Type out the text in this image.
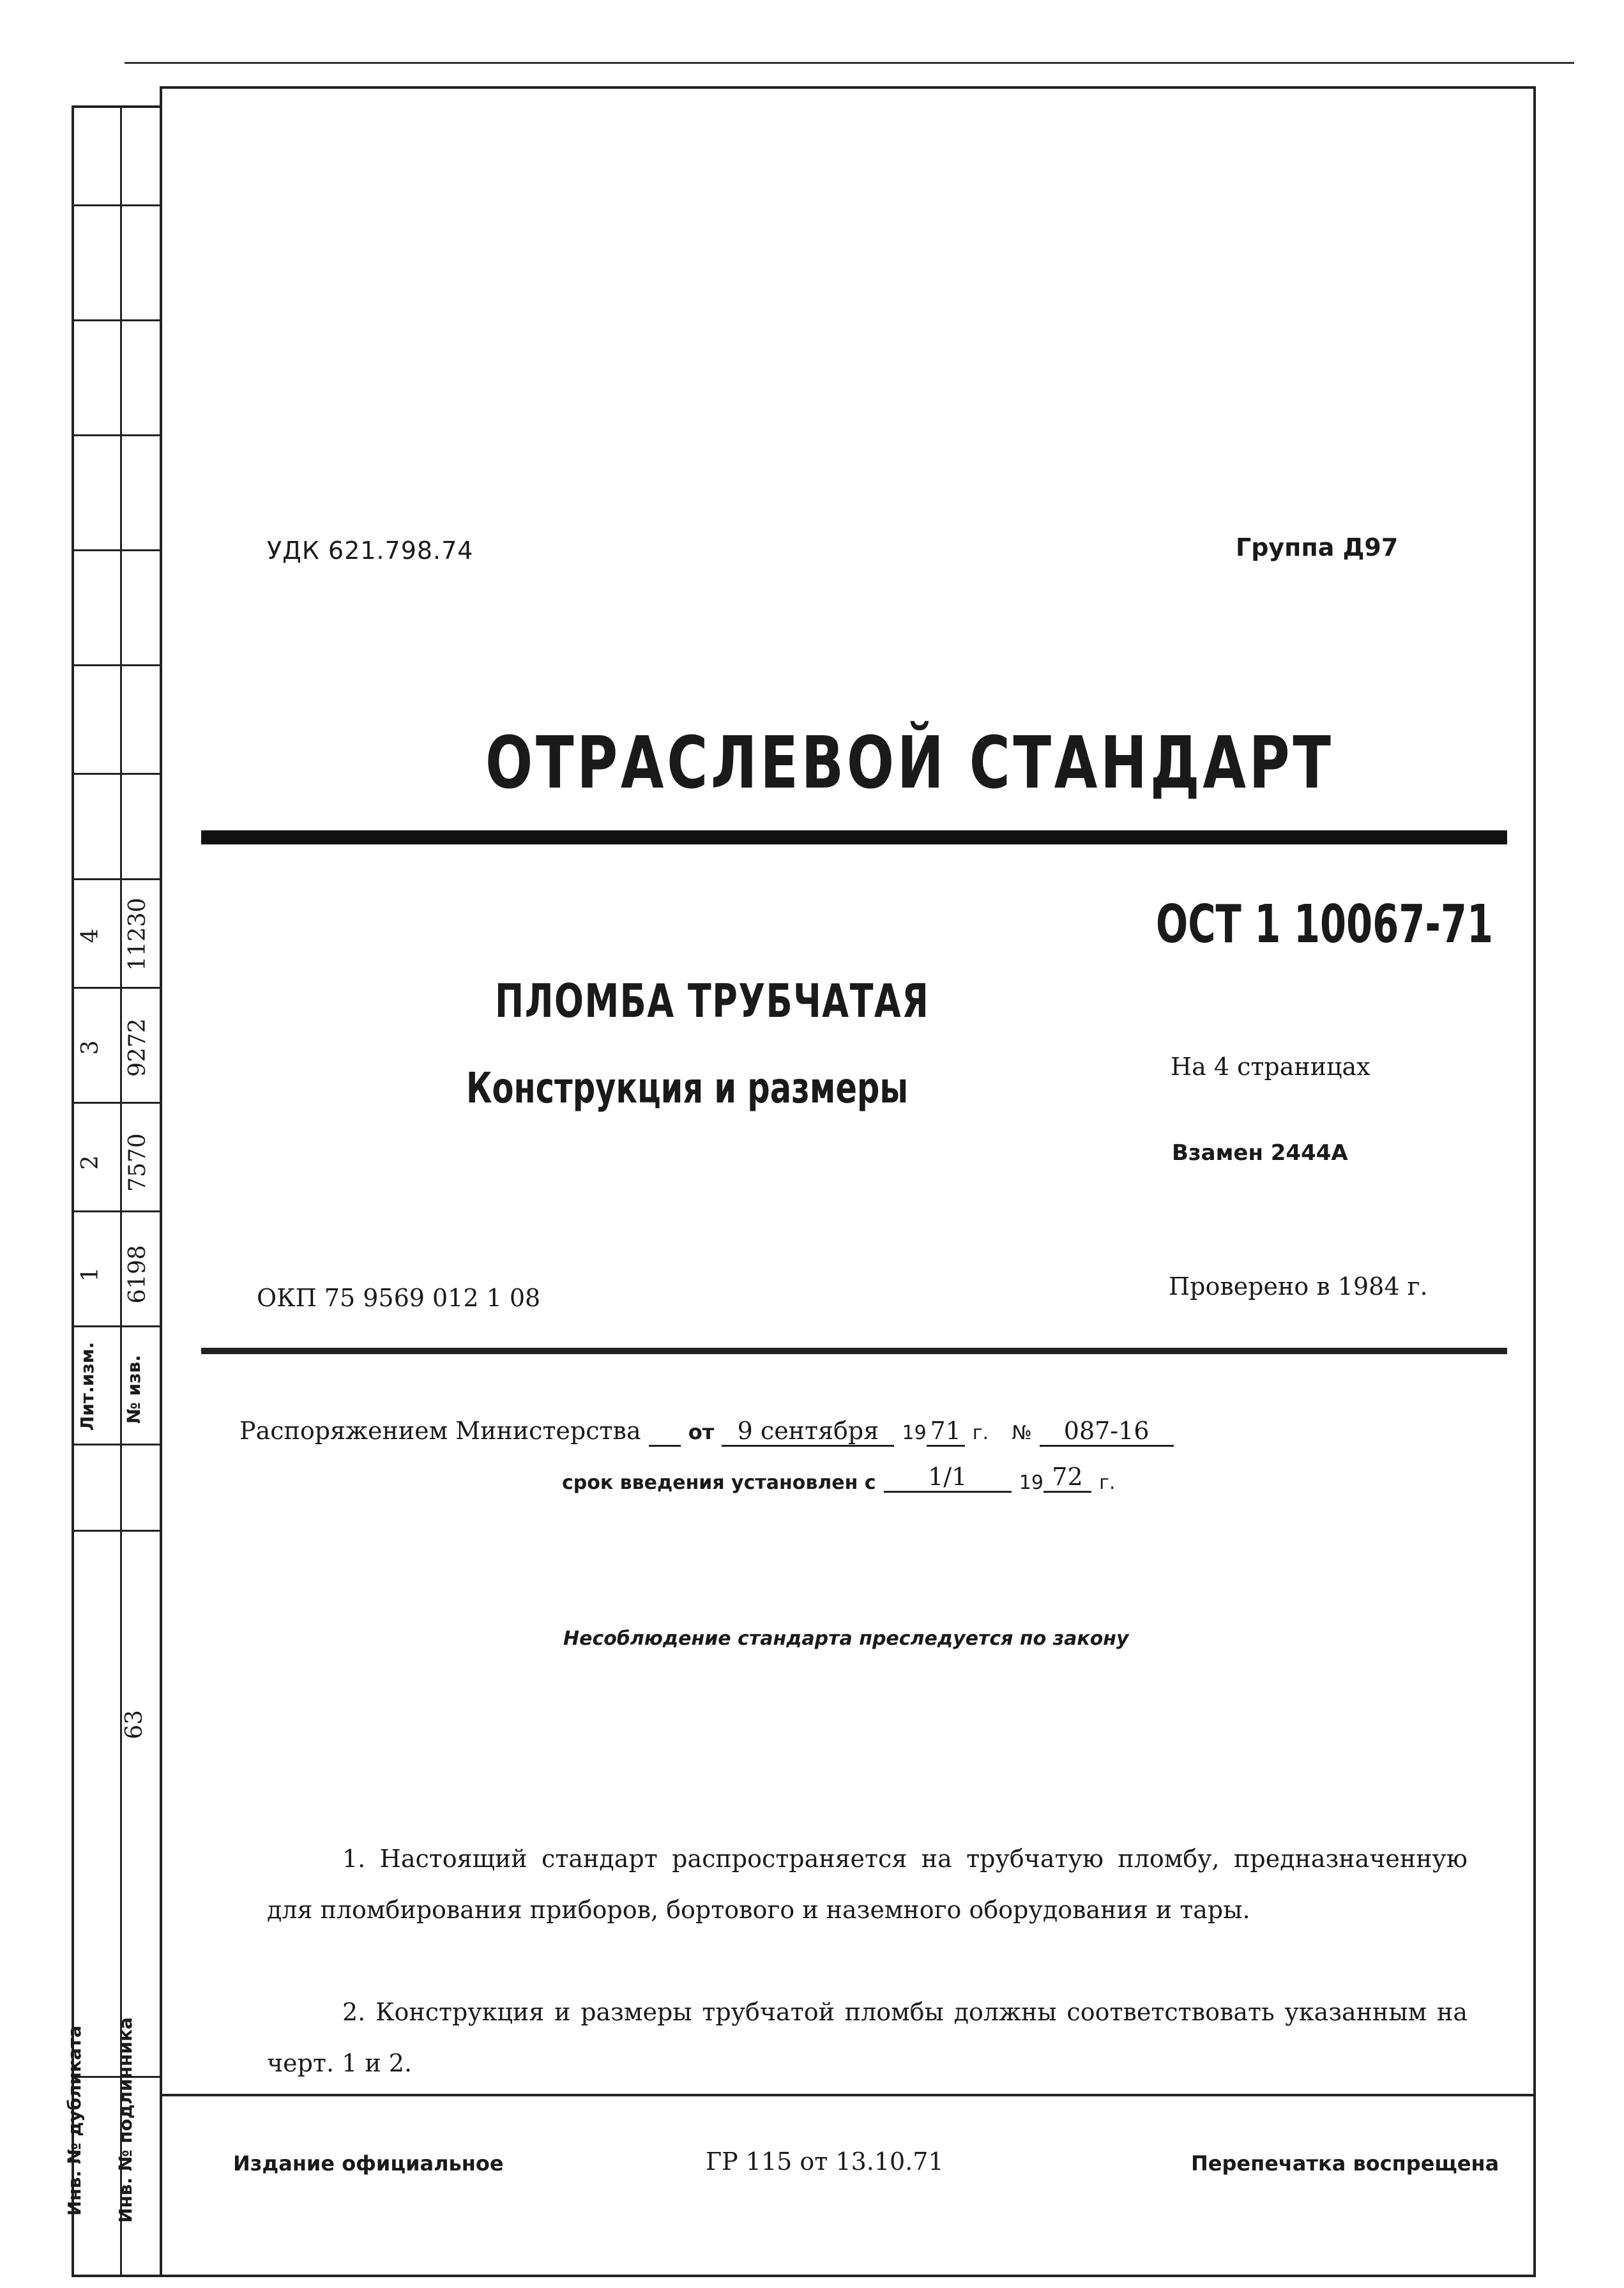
4 11230
3 9272
2 7570
1 6198
Лит.изм.	№ изв.
63
Инв. № дубликата	Инв. № подлинника
УДК 621.798.74	Группа Д97
ОТРАСЛЕВОЙ СТАНДАРТ
ОСТ 1 10067-71
ПЛОМБА ТРУБЧАТАЯ
Конструкция и размеры	На 4 страницах
Взамен 2444А
ОКП 75 9569 012 1 08	Проверено в 1984 г.
Распоряжением Министерства от 9 сентября 19 71 г. № 087-16
срок введения установлен с 1/1	19 72 г.
Несоблюдение стандарта преследуется по закону
1. Настоящий стандарт распространяется на трубчатую пломбу, предназначенную для пломбирования приборов, бортового и наземного оборудования и тары.
2. Конструкция и размеры трубчатой пломбы должны соответствовать указанным на черт. 1 и 2.
Издание официальное	ГР 115 от 13.10.71	Перепечатка воспрещена
